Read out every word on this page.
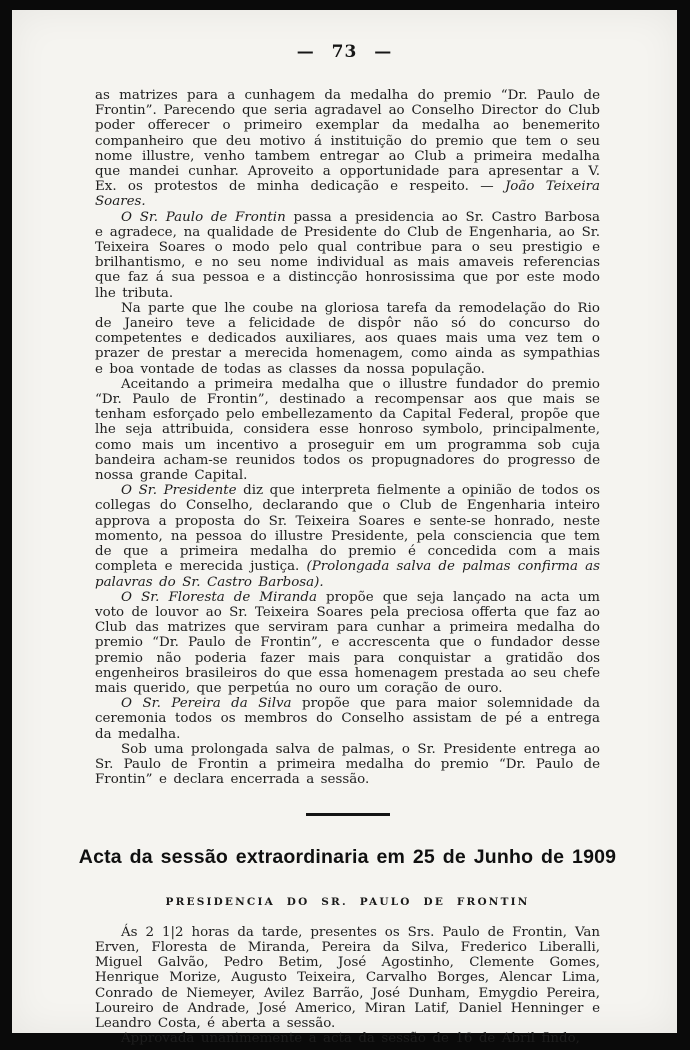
— 73 —

as matrizes para a cunhagem da medalha do premio “Dr. Paulo de Frontin”. Parecendo que seria agradavel ao Conselho Director do Club poder offerecer o primeiro exemplar da medalha ao benemerito companheiro que deu motivo á instituição do premio que tem o seu nome illustre, venho tambem entregar ao Club a primeira medalha que mandei cunhar. Aproveito a opportunidade para apresentar a V. Ex. os protestos de minha dedicação e respeito. — João Teixeira Soares.

O Sr. Paulo de Frontin passa a presidencia ao Sr. Castro Barbosa e agradece, na qualidade de Presidente do Club de Engenharia, ao Sr. Teixeira Soares o modo pelo qual contribue para o seu prestigio e brilhantismo, e no seu nome individual as mais amaveis referencias que faz á sua pessoa e a distincção honrosissima que por este modo lhe tributa.

Na parte que lhe coube na gloriosa tarefa da remodelação do Rio de Janeiro teve a felicidade de dispôr não só do concurso do competentes e dedicados auxiliares, aos quaes mais uma vez tem o prazer de prestar a merecida homenagem, como ainda as sympathias e boa vontade de todas as classes da nossa população.

Aceitando a primeira medalha que o illustre fundador do premio “Dr. Paulo de Frontin”, destinado a recompensar aos que mais se tenham esforçado pelo embellezamento da Capital Federal, propõe que lhe seja attribuida, considera esse honroso symbolo, principalmente, como mais um incentivo a proseguir em um programma sob cuja bandeira acham-se reunidos todos os propugnadores do progresso de nossa grande Capital.

O Sr. Presidente diz que interpreta fielmente a opinião de todos os collegas do Conselho, declarando que o Club de Engenharia inteiro approva a proposta do Sr. Teixeira Soares e sente-se honrado, neste momento, na pessoa do illustre Presidente, pela consciencia que tem de que a primeira medalha do premio é concedida com a mais completa e merecida justiça. (Prolongada salva de palmas confirma as palavras do Sr. Castro Barbosa).

O Sr. Floresta de Miranda propõe que seja lançado na acta um voto de louvor ao Sr. Teixeira Soares pela preciosa offerta que faz ao Club das matrizes que serviram para cunhar a primeira medalha do premio “Dr. Paulo de Frontin”, e accrescenta que o fundador desse premio não poderia fazer mais para conquistar a gratidão dos engenheiros brasileiros do que essa homenagem prestada ao seu chefe mais querido, que perpetúa no ouro um coração de ouro.

O Sr. Pereira da Silva propõe que para maior solemnidade da ceremonia todos os membros do Conselho assistam de pé a entrega da medalha.

Sob uma prolongada salva de palmas, o Sr. Presidente entrega ao Sr. Paulo de Frontin a primeira medalha do premio “Dr. Paulo de Frontin” e declara encerrada a sessão.

Acta da sessão extraordinaria em 25 de Junho de 1909
PRESIDENCIA DO SR. PAULO DE FRONTIN

Ás 2 1|2 horas da tarde, presentes os Srs. Paulo de Frontin, Van Erven, Floresta de Miranda, Pereira da Silva, Frederico Liberalli, Miguel Galvão, Pedro Betim, José Agostinho, Clemente Gomes, Henrique Morize, Augusto Teixeira, Carvalho Borges, Alencar Lima, Conrado de Niemeyer, Avilez Barrão, José Dunham, Emygdio Pereira, Loureiro de Andrade, José Americo, Miran Latif, Daniel Henninger e Leandro Costa, é aberta a sessão.

Approvada unanimemente a acta da sessão de 16 de Abril findo,
